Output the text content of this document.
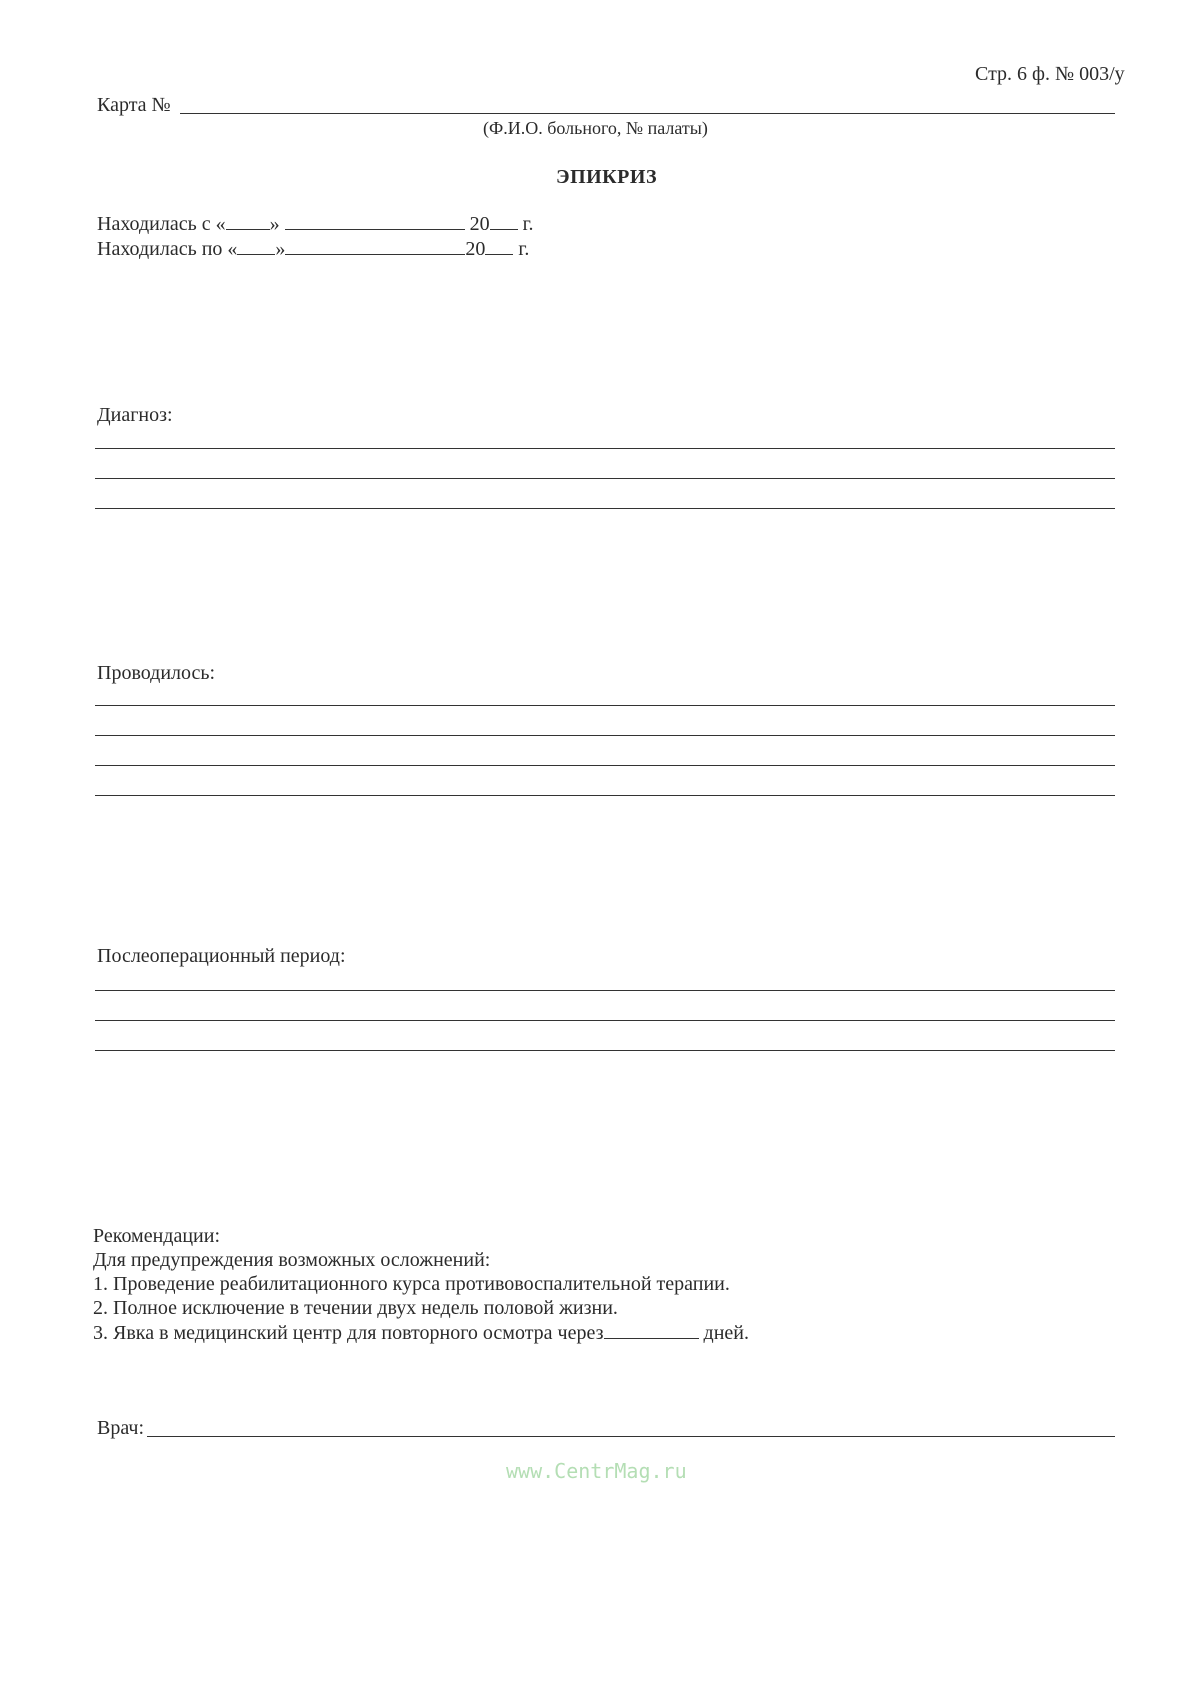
Стр. 6 ф. № 003/у
Карта №
(Ф.И.О. больного, № палаты)
ЭПИКРИЗ
Находилась с « »	20 г.
Находилась по « »	20 г.
Диагноз:
Проводилось:
Послеоперационный период:
Рекомендации:
Для предупреждения возможных осложнений:
1. Проведение реабилитационного курса противовоспалительной терапии.
2. Полное исключение в течении двух недель половой жизни.
3. Явка в медицинский центр для повторного осмотра через	дней.
Врач:
www.CentrMag.ru
